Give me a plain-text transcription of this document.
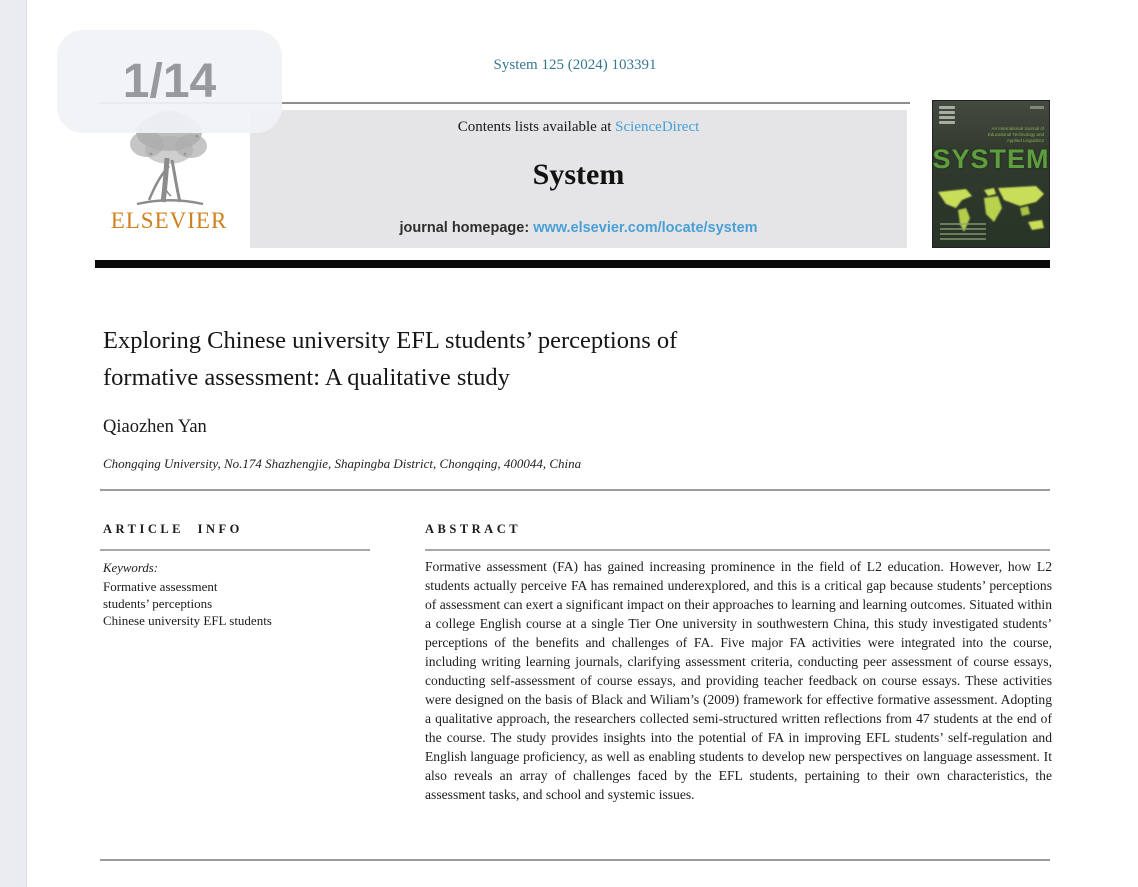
System 125 (2024) 103391
ELSEVIER
Contents lists available at ScienceDirect
System
journal homepage: www.elsevier.com/locate/system
An International Journal of
Educational Technology and
Applied Linguistics
SYSTEM
Exploring Chinese university EFL students’ perceptions of
formative assessment: A qualitative study
Qiaozhen Yan
Chongqing University, No.174 Shazhengjie, Shapingba District, Chongqing, 400044, China
ARTICLE INFO
Keywords:
Formative assessment
students’ perceptions
Chinese university EFL students
ABSTRACT
Formative assessment (FA) has gained increasing prominence in the field of L2 education. However, how L2 students actually perceive FA has remained underexplored, and this is a critical gap because students’ perceptions of assessment can exert a significant impact on their approaches to learning and learning outcomes. Situated within a college English course at a single Tier One university in southwestern China, this study investigated students’ perceptions of the benefits and challenges of FA. Five major FA activities were integrated into the course, including writing learning journals, clarifying assessment criteria, conducting peer assessment of course essays, conducting self-assessment of course essays, and providing teacher feedback on course essays. These activities were designed on the basis of Black and Wiliam’s (2009) framework for effective formative assessment. Adopting a qualitative approach, the researchers collected semi-structured written reflections from 47 students at the end of the course. The study provides insights into the potential of FA in improving EFL students’ self-regulation and English language proficiency, as well as enabling students to develop new perspectives on language assessment. It also reveals an array of challenges faced by the EFL students, pertaining to their own characteristics, the assessment tasks, and school and systemic issues.
1/14
